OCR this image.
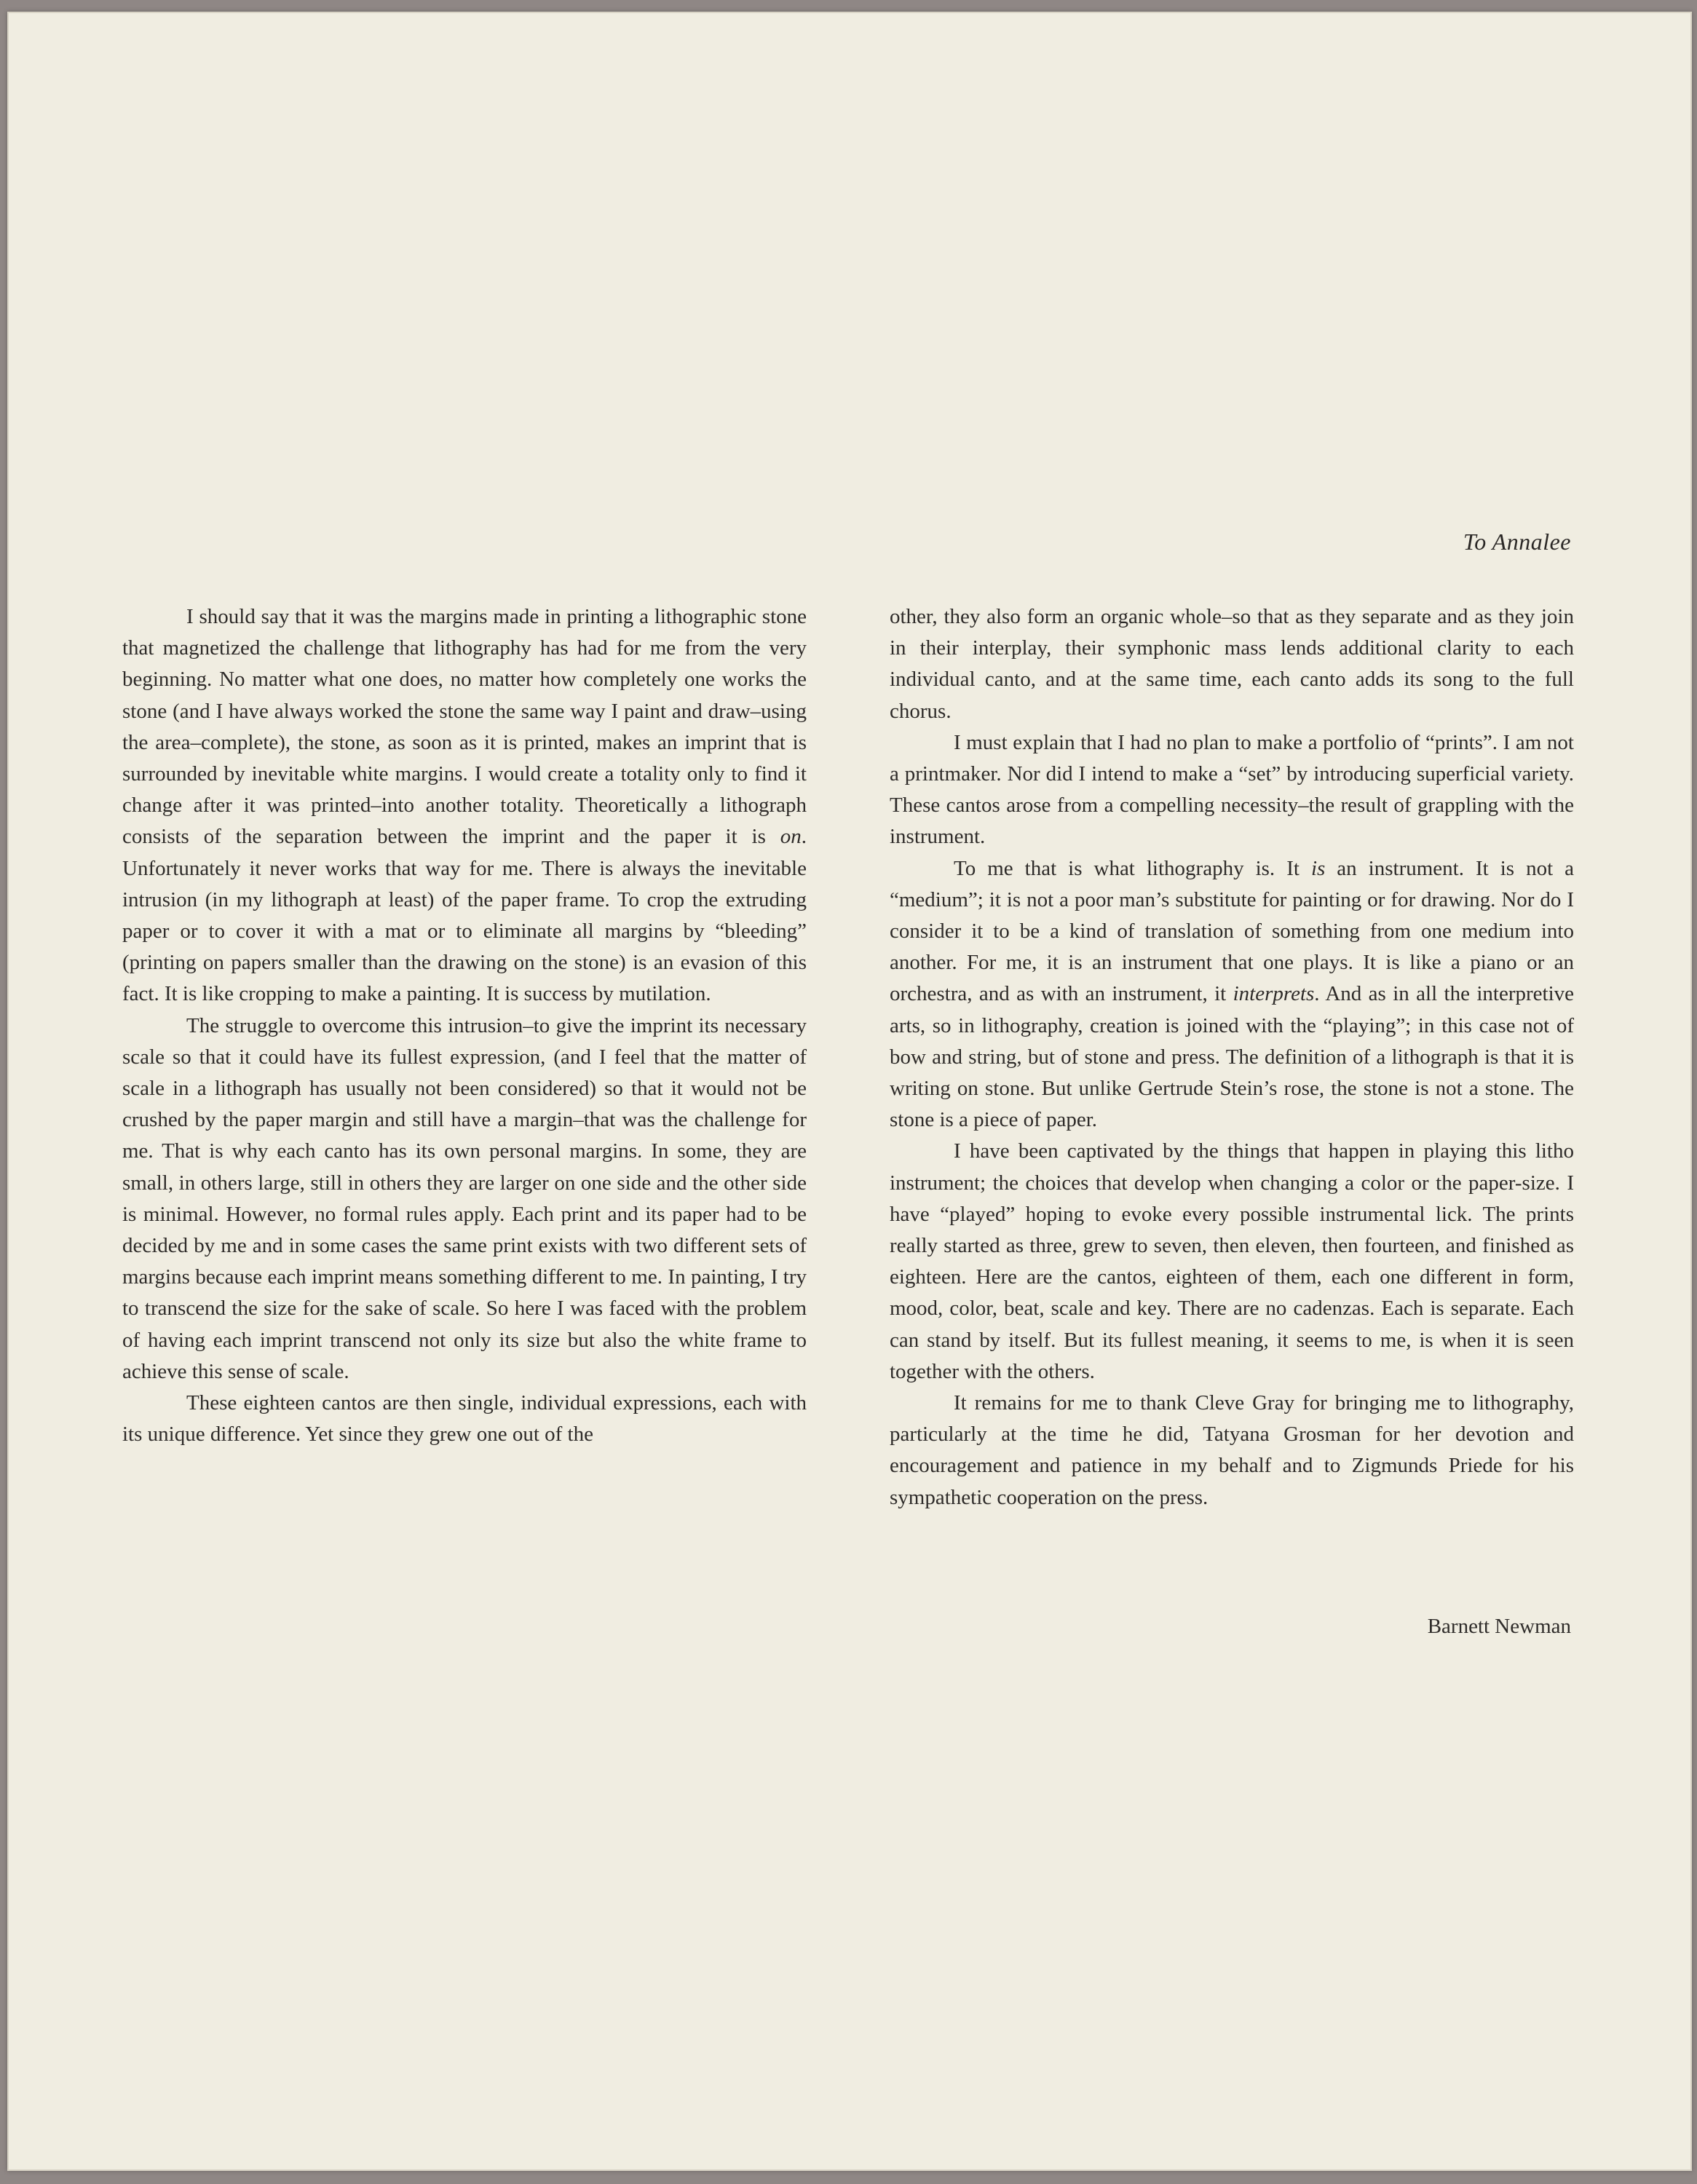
To Annalee

I should say that it was the margins made in printing a lithographic stone that magnetized the challenge that lithography has had for me from the very beginning. No matter what one does, no matter how completely one works the stone (and I have always worked the stone the same way I paint and draw–using the area–complete), the stone, as soon as it is printed, makes an imprint that is surrounded by inevitable white margins. I would create a totality only to find it change after it was printed–into another totality. Theoretically a lithograph consists of the separation between the imprint and the paper it is on. Unfortunately it never works that way for me. There is always the inevitable intrusion (in my lithograph at least) of the paper frame. To crop the extruding paper or to cover it with a mat or to eliminate all margins by “bleeding” (printing on papers smaller than the drawing on the stone) is an evasion of this fact. It is like cropping to make a painting. It is success by mutilation.

The struggle to overcome this intrusion–to give the imprint its necessary scale so that it could have its fullest expression, (and I feel that the matter of scale in a lithograph has usually not been considered) so that it would not be crushed by the paper margin and still have a margin–that was the challenge for me. That is why each canto has its own personal margins. In some, they are small, in others large, still in others they are larger on one side and the other side is minimal. However, no formal rules apply. Each print and its paper had to be decided by me and in some cases the same print exists with two different sets of margins because each imprint means something different to me. In painting, I try to transcend the size for the sake of scale. So here I was faced with the problem of having each imprint transcend not only its size but also the white frame to achieve this sense of scale.

These eighteen cantos are then single, individual expressions, each with its unique difference. Yet since they grew one out of the

other, they also form an organic whole–so that as they separate and as they join in their interplay, their symphonic mass lends additional clarity to each individual canto, and at the same time, each canto adds its song to the full chorus.

I must explain that I had no plan to make a portfolio of “prints”. I am not a printmaker. Nor did I intend to make a “set” by introducing superficial variety. These cantos arose from a compelling necessity–the result of grappling with the instrument.

To me that is what lithography is. It is an instrument. It is not a “medium”; it is not a poor man’s substitute for painting or for drawing. Nor do I consider it to be a kind of translation of something from one medium into another. For me, it is an instrument that one plays. It is like a piano or an orchestra, and as with an instrument, it interprets. And as in all the interpretive arts, so in lithography, creation is joined with the “playing”; in this case not of bow and string, but of stone and press. The definition of a lithograph is that it is writing on stone. But unlike Gertrude Stein’s rose, the stone is not a stone. The stone is a piece of paper.

I have been captivated by the things that happen in playing this litho instrument; the choices that develop when changing a color or the paper-size. I have “played” hoping to evoke every possible instrumental lick. The prints really started as three, grew to seven, then eleven, then fourteen, and finished as eighteen. Here are the cantos, eighteen of them, each one different in form, mood, color, beat, scale and key. There are no cadenzas. Each is separate. Each can stand by itself. But its fullest meaning, it seems to me, is when it is seen together with the others.

It remains for me to thank Cleve Gray for bringing me to lithography, particularly at the time he did, Tatyana Grosman for her devotion and encouragement and patience in my behalf and to Zigmunds Priede for his sympathetic cooperation on the press.

Barnett Newman
